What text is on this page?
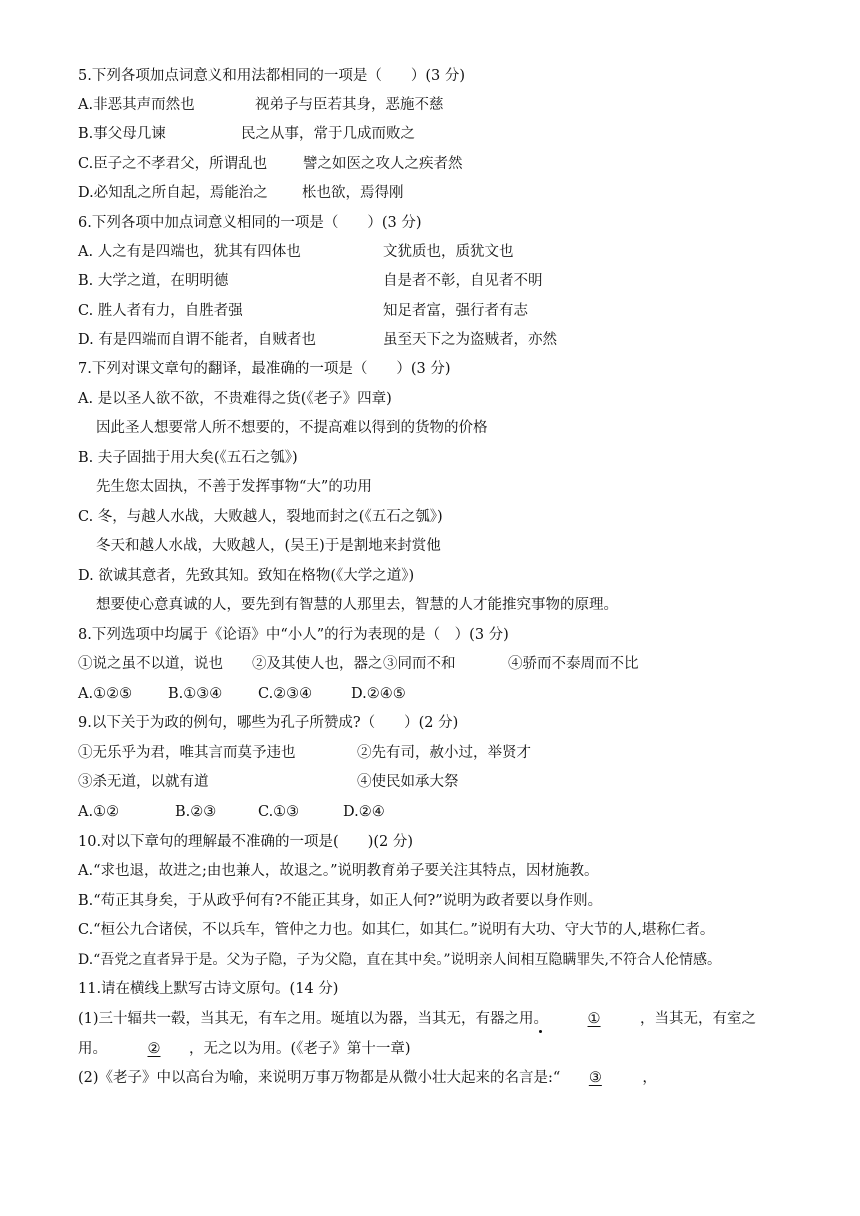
5.下列各项加点词意义和用法都相同的一项是（　　）(3 分)
A.非恶其声而然也	视弟子与臣若其身，恶施不慈
B.事父母几谏	民之从事，常于几成而败之
C.臣子之不孝君父，所谓乱也 譬之如医之攻人之疾者然
D.必知乱之所自起，焉能治之 枨也欲，焉得刚
6.下列各项中加点词意义相同的一项是（　　）(3 分)
A. 人之有是四端也，犹其有四体也	文犹质也，质犹文也
B. 大学之道，在明明德	自是者不彰，自见者不明
C. 胜人者有力，自胜者强	知足者富，强行者有志
D. 有是四端而自谓不能者，自贼者也	虽至天下之为盗贼者，亦然
7.下列对课文章句的翻译，最准确的一项是（　　）(3 分)
A. 是以圣人欲不欲，不贵难得之货(《老子》四章)
因此圣人想要常人所不想要的，不提高难以得到的货物的价格
B. 夫子固拙于用大矣(《五石之瓠》)
先生您太固执，不善于发挥事物“大”的功用
C. 冬，与越人水战，大败越人，裂地而封之(《五石之瓠》)
冬天和越人水战，大败越人，(吴王)于是割地来封赏他
D. 欲诚其意者，先致其知。致知在格物(《大学之道》)
想要使心意真诚的人，要先到有智慧的人那里去，智慧的人才能推究事物的原理。
8.下列选项中均属于《论语》中“小人”的行为表现的是（　）(3 分)
①说之虽不以道，说也 ②及其使人也，器之 ③同而不和	④骄而不泰周而不比
A.①②⑤ B.①③④ C.②③④	D.②④⑤
9.以下关于为政的例句，哪些为孔子所赞成?（　　）(2 分)
①无乐乎为君，唯其言而莫予违也	②先有司，赦小过，举贤才
③杀无道，以就有道	④使民如承大祭
A.①②	B.②③	C.①③	D.②④
10.对以下章句的理解最不准确的一项是(　　)(2 分)
A.“求也退，故进之;由也兼人，故退之。”说明教育弟子要关注其特点，因材施教。
B.“苟正其身矣，于从政乎何有?不能正其身，如正人何?”说明为政者要以身作则。
C.“桓公九合诸侯，不以兵车，管仲之力也。如其仁，如其仁。”说明有大功、守大节的人,堪称仁者。
D.“吾党之直者异于是。父为子隐，子为父隐，直在其中矣。”说明亲人间相互隐瞒罪失,不符合人伦情感。
11.请在横线上默写古诗文原句。(14 分)
(1)三十辐共一毂，当其无，有车之用。埏埴以为器，当其无，有器之用。	①	，当其无，有室之
用。	② ，无之以为用。(《老子》第十一章)
(2)《老子》中以高台为喻，来说明万事万物都是从微小壮大起来的名言是:“ ③	，
